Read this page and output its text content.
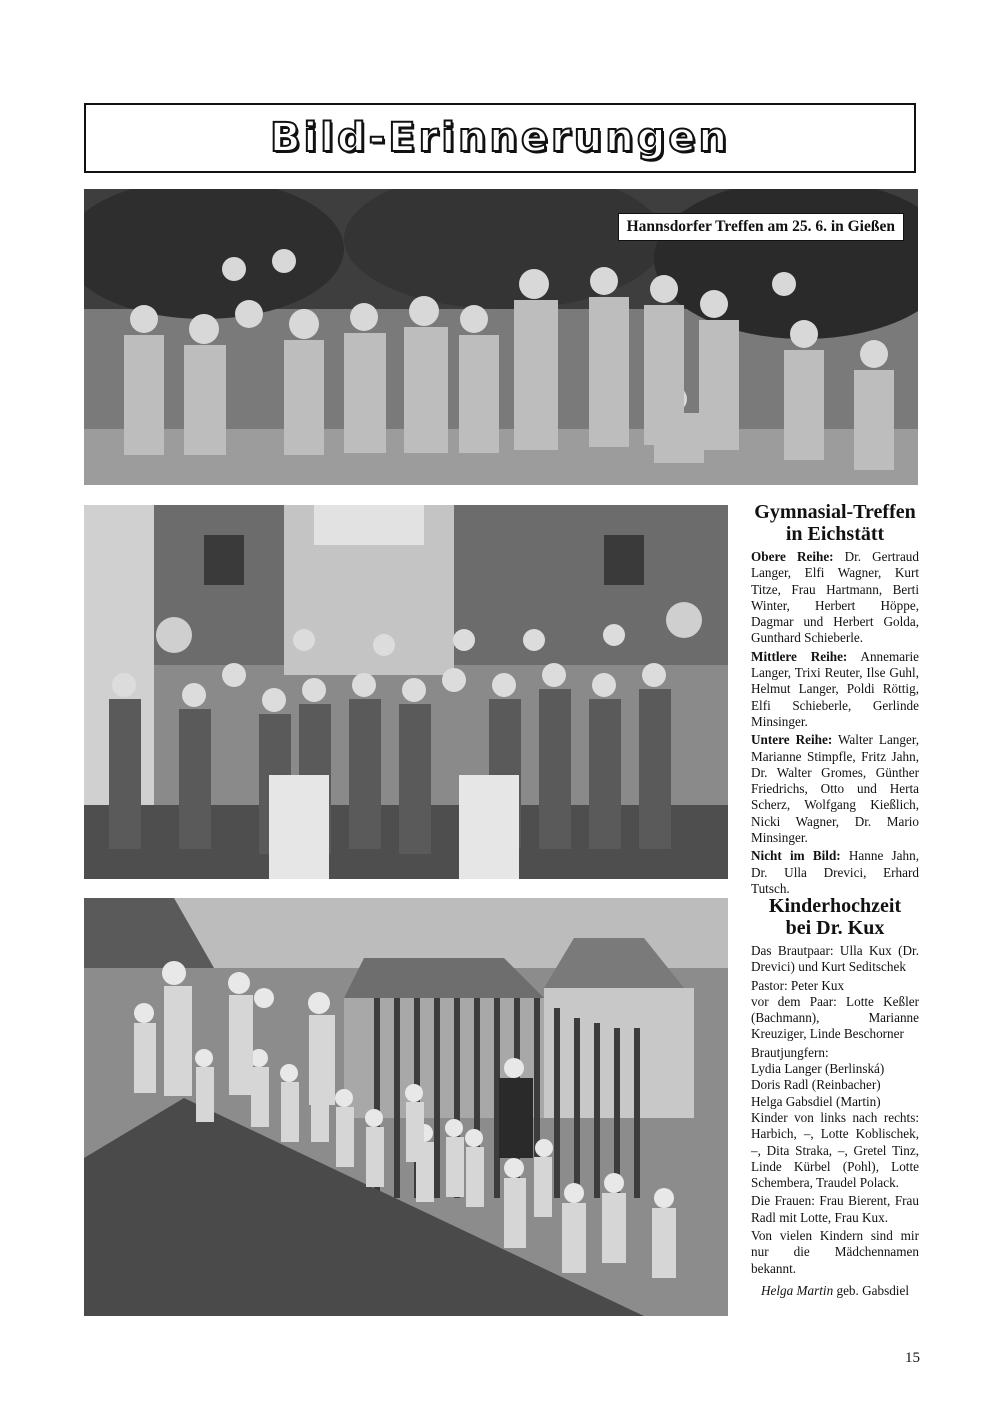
Bild-Erinnerungen
Hannsdorfer Treffen am 25. 6. in Gießen
Gymnasial-Treffen
in Eichstätt

Obere Reihe: Dr. Gertraud Langer, Elfi Wagner, Kurt Titze, Frau Hartmann, Berti Winter, Herbert Höppe, Dagmar und Herbert Golda, Gunthard Schieberle.

Mittlere Reihe: Annemarie Langer, Trixi Reuter, Ilse Guhl, Helmut Langer, Poldi Röttig, Elfi Schieberle, Gerlinde Minsinger.

Untere Reihe: Walter Langer, Marianne Stimpfle, Fritz Jahn, Dr. Walter Gromes, Günther Friedrichs, Otto und Herta Scherz, Wolfgang Kießlich, Nicki Wagner, Dr. Mario Minsinger.

Nicht im Bild: Hanne Jahn, Dr. Ulla Drevici, Erhard Tutsch.

Kinderhochzeit
bei Dr. Kux

Das Brautpaar: Ulla Kux (Dr. Drevici) und Kurt Seditschek

Pastor: Peter Kux

vor dem Paar: Lotte Keßler (Bachmann), Marianne Kreuziger, Linde Beschorner

Brautjungfern:

Lydia Langer (Berlinská)

Doris Radl (Reinbacher)

Helga Gabsdiel (Martin)

Kinder von links nach rechts: Harbich, –, Lotte Koblischek, –, Dita Straka, –, Gretel Tinz, Linde Kürbel (Pohl), Lotte Schembera, Traudel Polack.

Die Frauen: Frau Bierent, Frau Radl mit Lotte, Frau Kux.

Von vielen Kindern sind mir nur die Mädchennamen bekannt.

Helga Martin geb. Gabsdiel

15
